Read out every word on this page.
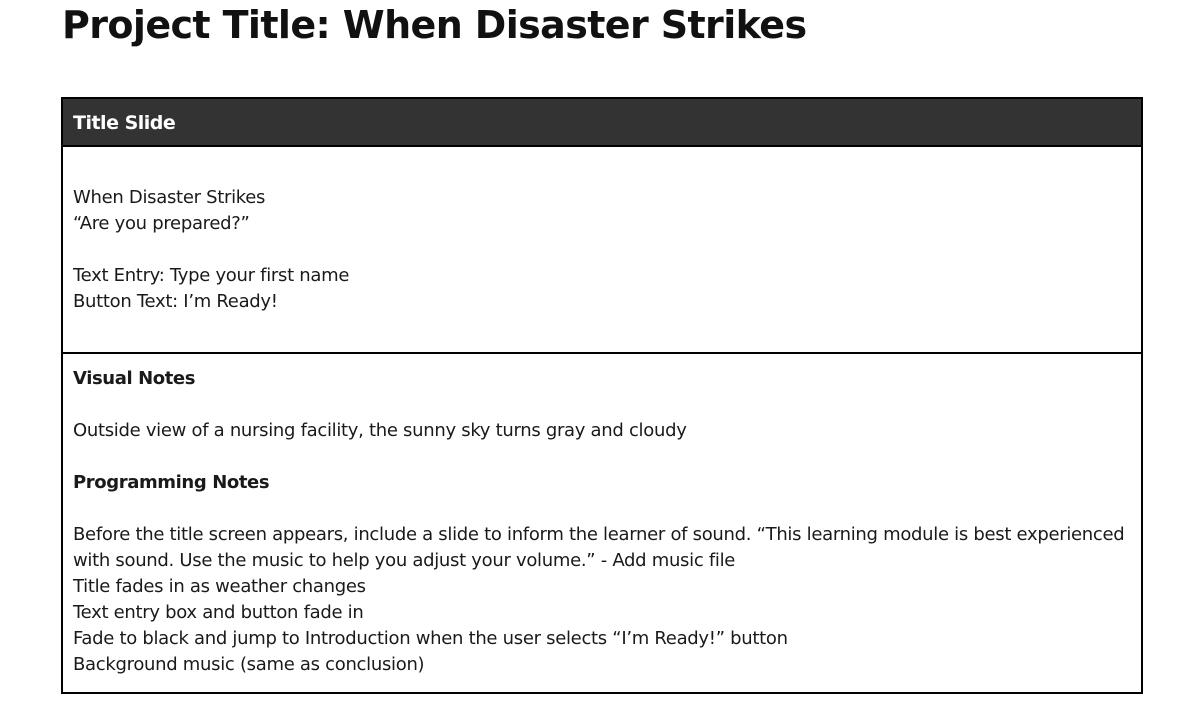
Project Title: When Disaster Strikes
Title Slide
When Disaster Strikes
“Are you prepared?”
Text Entry: Type your first name
Button Text: I’m Ready!
Visual Notes
Outside view of a nursing facility, the sunny sky turns gray and cloudy
Programming Notes
Before the title screen appears, include a slide to inform the learner of sound. “This learning module is best experienced with sound. Use the music to help you adjust your volume.” - Add music file
Title fades in as weather changes
Text entry box and button fade in
Fade to black and jump to Introduction when the user selects “I’m Ready!” button
Background music (same as conclusion)
